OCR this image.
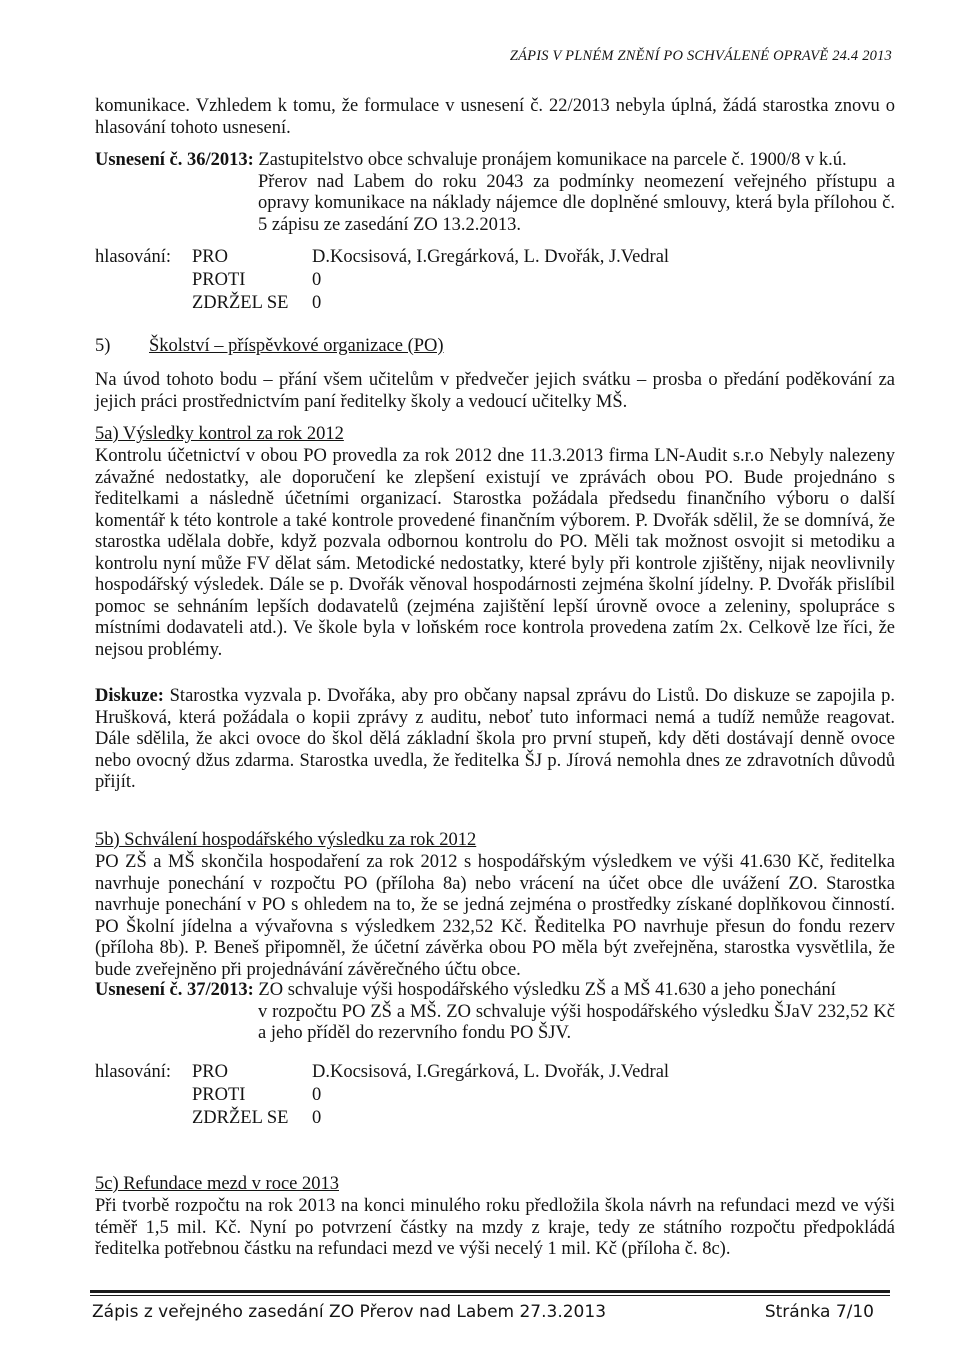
ZÁPIS V PLNÉM ZNĚNÍ PO SCHVÁLENÉ OPRAVĚ 24.4 2013
komunikace. Vzhledem k tomu, že formulace v usnesení č. 22/2013 nebyla úplná, žádá starostka znovu o hlasování tohoto usnesení.
Usnesení č. 36/2013: Zastupitelstvo obce schvaluje pronájem komunikace na parcele č. 1900/8 v k.ú.
Přerov nad Labem do roku 2043 za podmínky neomezení veřejného přístupu a opravy komunikace na náklady nájemce dle doplněné smlouvy, která byla přílohou č. 5 zápisu ze zasedání ZO 13.2.2013.
hlasování: PRO	D.Kocsisová, I.Gregárková, L. Dvořák, J.Vedral
PROTI	0
ZDRŽEL SE 0
5) Školství – příspěvkové organizace (PO)
Na úvod tohoto bodu – přání všem učitelům v předvečer jejich svátku – prosba o předání poděkování za jejich práci prostřednictvím paní ředitelky školy a vedoucí učitelky MŠ.
5a) Výsledky kontrol za rok 2012
Kontrolu účetnictví v obou PO provedla za rok 2012 dne 11.3.2013 firma LN-Audit s.r.o Nebyly nalezeny závažné nedostatky, ale doporučení ke zlepšení existují ve zprávách obou PO. Bude projednáno s ředitelkami a následně účetními organizací. Starostka požádala předsedu finančního výboru o další komentář k této kontrole a také kontrole provedené finančním výborem. P. Dvořák sdělil, že se domnívá, že starostka udělala dobře, když pozvala odbornou kontrolu do PO. Měli tak možnost osvojit si metodiku a kontrolu nyní může FV dělat sám. Metodické nedostatky, které byly při kontrole zjištěny, nijak neovlivnily hospodářský výsledek. Dále se p. Dvořák věnoval hospodárnosti zejména školní jídelny. P. Dvořák přislíbil pomoc se sehnáním lepších dodavatelů (zejména zajištění lepší úrovně ovoce a zeleniny, spolupráce s místními dodavateli atd.). Ve škole byla v loňském roce kontrola provedena zatím 2x. Celkově lze říci, že nejsou problémy.
Diskuze: Starostka vyzvala p. Dvořáka, aby pro občany napsal zprávu do Listů. Do diskuze se zapojila p. Hrušková, která požádala o kopii zprávy z auditu, neboť tuto informaci nemá a tudíž nemůže reagovat. Dále sdělila, že akci ovoce do škol dělá základní škola pro první stupeň, kdy děti dostávají denně ovoce nebo ovocný džus zdarma. Starostka uvedla, že ředitelka ŠJ p. Jírová nemohla dnes ze zdravotních důvodů přijít.
5b) Schválení hospodářského výsledku za rok 2012
PO ZŠ a MŠ skončila hospodaření za rok 2012 s hospodářským výsledkem ve výši 41.630 Kč, ředitelka navrhuje ponechání v rozpočtu PO (příloha 8a) nebo vrácení na účet obce dle uvážení ZO. Starostka navrhuje ponechání v PO s ohledem na to, že se jedná zejména o prostředky získané doplňkovou činností. PO Školní jídelna a vývařovna s výsledkem 232,52 Kč. Ředitelka PO navrhuje přesun do fondu rezerv (příloha 8b). P. Beneš připomněl, že účetní závěrka obou PO měla být zveřejněna, starostka vysvětlila, že bude zveřejněno při projednávání závěrečného účtu obce.
Usnesení č. 37/2013: ZO schvaluje výši hospodářského výsledku ZŠ a MŠ 41.630 a jeho ponechání
v rozpočtu PO ZŠ a MŠ. ZO schvaluje výši hospodářského výsledku ŠJaV 232,52 Kč a jeho příděl do rezervního fondu PO ŠJV.
hlasování: PRO	D.Kocsisová, I.Gregárková, L. Dvořák, J.Vedral
PROTI	0
ZDRŽEL SE 0
5c) Refundace mezd v roce 2013
Při tvorbě rozpočtu na rok 2013 na konci minulého roku předložila škola návrh na refundaci mezd ve výši téměř 1,5 mil. Kč. Nyní po potvrzení částky na mzdy z kraje, tedy ze státního rozpočtu předpokládá ředitelka potřebnou částku na refundaci mezd ve výši necelý 1 mil. Kč (příloha č. 8c).
Zápis z veřejného zasedání ZO Přerov nad Labem 27.3.2013	Stránka 7/10
